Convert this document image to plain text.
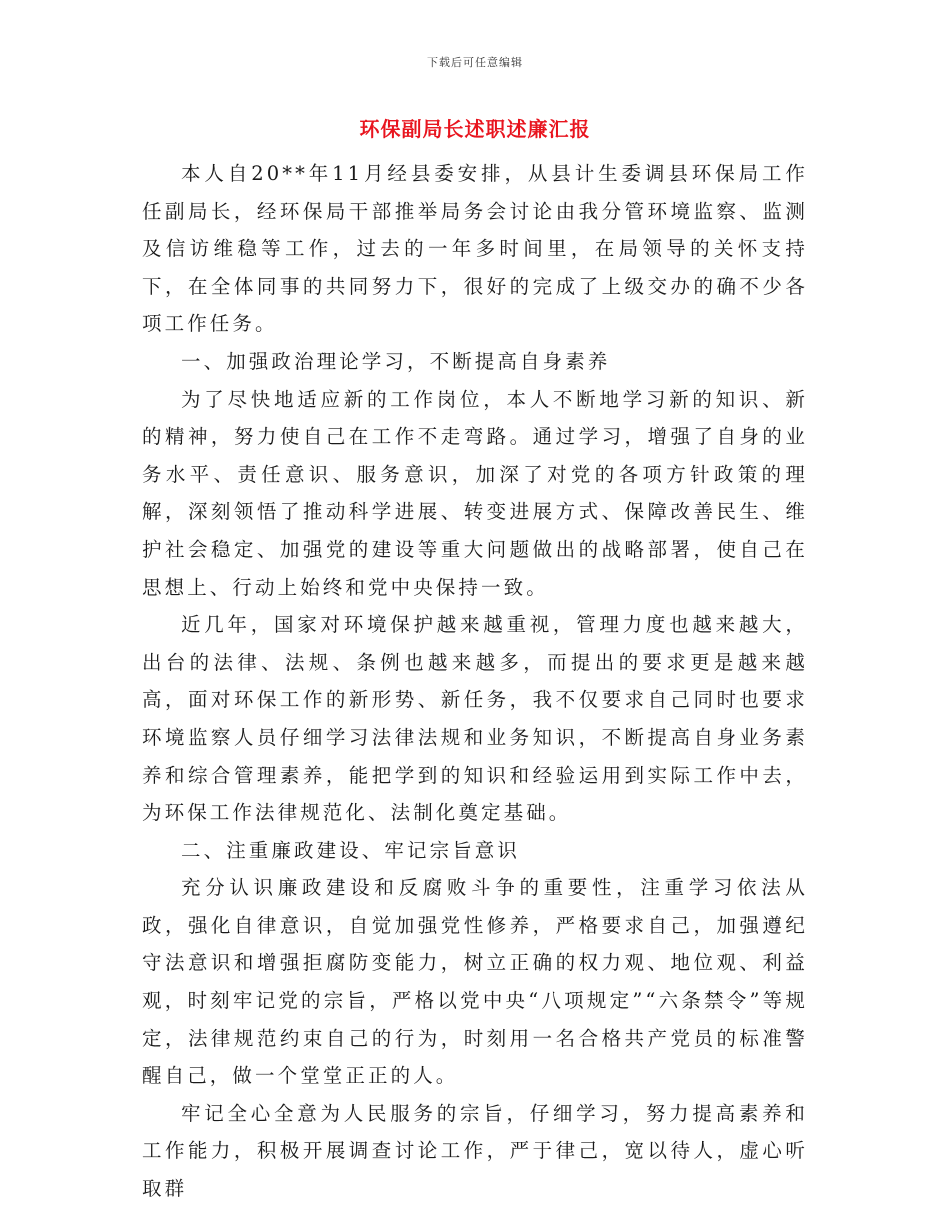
下载后可任意编辑
环保副局长述职述廉汇报

本人自20**年11月经县委安排，从县计生委调县环保局工作任副局长，经环保局干部推举局务会讨论由我分管环境监察、监测及信访维稳等工作，过去的一年多时间里，在局领导的关怀支持下，在全体同事的共同努力下，很好的完成了上级交办的确不少各项工作任务。

一、加强政治理论学习，不断提高自身素养

为了尽快地适应新的工作岗位，本人不断地学习新的知识、新的精神，努力使自己在工作不走弯路。通过学习，增强了自身的业务水平、责任意识、服务意识，加深了对党的各项方针政策的理解，深刻领悟了推动科学进展、转变进展方式、保障改善民生、维护社会稳定、加强党的建设等重大问题做出的战略部署，使自己在思想上、行动上始终和党中央保持一致。

近几年，国家对环境保护越来越重视，管理力度也越来越大，出台的法律、法规、条例也越来越多，而提出的要求更是越来越高，面对环保工作的新形势、新任务，我不仅要求自己同时也要求环境监察人员仔细学习法律法规和业务知识，不断提高自身业务素养和综合管理素养，能把学到的知识和经验运用到实际工作中去，为环保工作法律规范化、法制化奠定基础。

二、注重廉政建设、牢记宗旨意识

充分认识廉政建设和反腐败斗争的重要性，注重学习依法从政，强化自律意识，自觉加强党性修养，严格要求自己，加强遵纪守法意识和增强拒腐防变能力，树立正确的权力观、地位观、利益观，时刻牢记党的宗旨，严格以党中央“八项规定”“六条禁令”等规定，法律规范约束自己的行为，时刻用一名合格共产党员的标准警醒自己，做一个堂堂正正的人。

牢记全心全意为人民服务的宗旨，仔细学习，努力提高素养和工作能力，积极开展调查讨论工作，严于律己，宽以待人，虚心听取群
